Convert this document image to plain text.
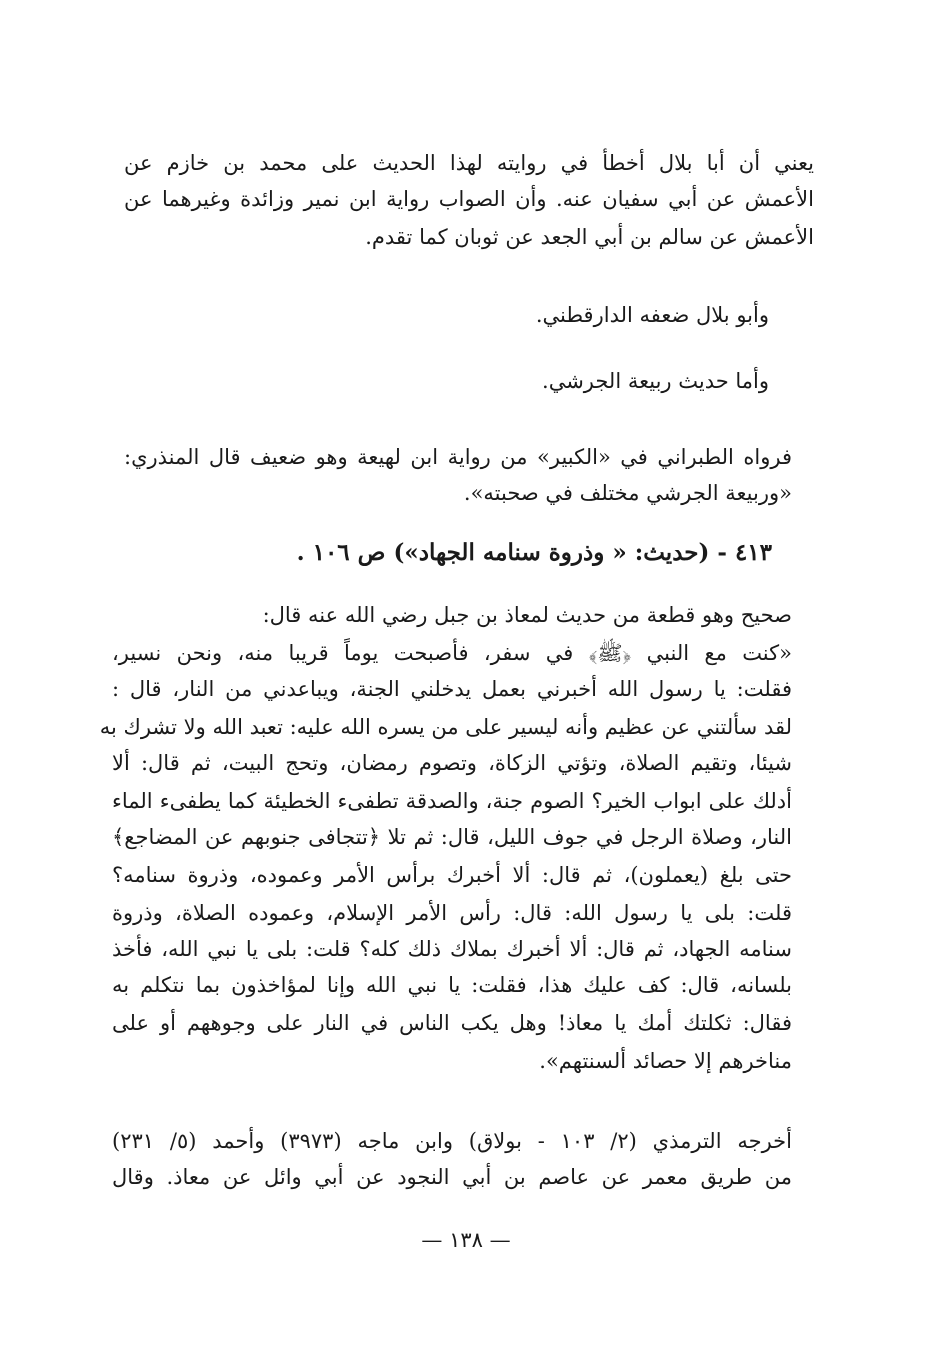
يعني أن أبا بلال أخطأ في روايته لهذا الحديث على محمد بن خازم عن
الأعمش عن أبي سفيان عنه. وأن الصواب رواية ابن نمير وزائدة وغيرهما عن
الأعمش عن سالم بن أبي الجعد عن ثوبان كما تقدم.
وأبو بلال ضعفه الدارقطني.
وأما حديث ربيعة الجرشي.
فرواه الطبراني في «الكبير» من رواية ابن لهيعة وهو ضعيف قال المنذري:
«وربيعة الجرشي مختلف في صحبته».
٤١٣ - (حديث: « وذروة سنامه الجهاد») ص ١٠٦ .
صحيح وهو قطعة من حديث لمعاذ بن جبل رضي الله عنه قال:
«كنت مع النبي ﴿ﷺ﴾ في سفر، فأصبحت يوماً قريبا منه، ونحن نسير،
فقلت: يا رسول الله أخبرني بعمل يدخلني الجنة، ويباعدني من النار، قال :
لقد سألتني عن عظيم وأنه ليسير على من يسره الله عليه: تعبد الله ولا تشرك به
شيئا، وتقيم الصلاة، وتؤتي الزكاة، وتصوم رمضان، وتحج البيت، ثم قال: ألا
أدلك على ابواب الخير؟ الصوم جنة، والصدقة تطفىء الخطيئة كما يطفىء الماء
النار، وصلاة الرجل في جوف الليل، قال: ثم تلا ﴿تتجافى جنوبهم عن المضاجع﴾
حتى بلغ (يعملون)، ثم قال: ألا أخبرك برأس الأمر وعموده، وذروة سنامه؟
قلت: بلى يا رسول الله: قال: رأس الأمر الإسلام، وعموده الصلاة، وذروة
سنامه الجهاد، ثم قال: ألا أخبرك بملاك ذلك كله؟ قلت: بلى يا نبي الله، فأخذ
بلسانه، قال: كف عليك هذا، فقلت: يا نبي الله وإنا لمؤاخذون بما نتكلم به
فقال: ثكلتك أمك يا معاذ! وهل يكب الناس في النار على وجوههم أو على
مناخرهم إلا حصائد ألسنتهم».
أخرجه الترمذي (٢/ ١٠٣ - بولاق) وابن ماجه (٣٩٧٣) وأحمد (٥/ ٢٣١)
من طريق معمر عن عاصم بن أبي النجود عن أبي وائل عن معاذ. وقال
— ١٣٨ —
